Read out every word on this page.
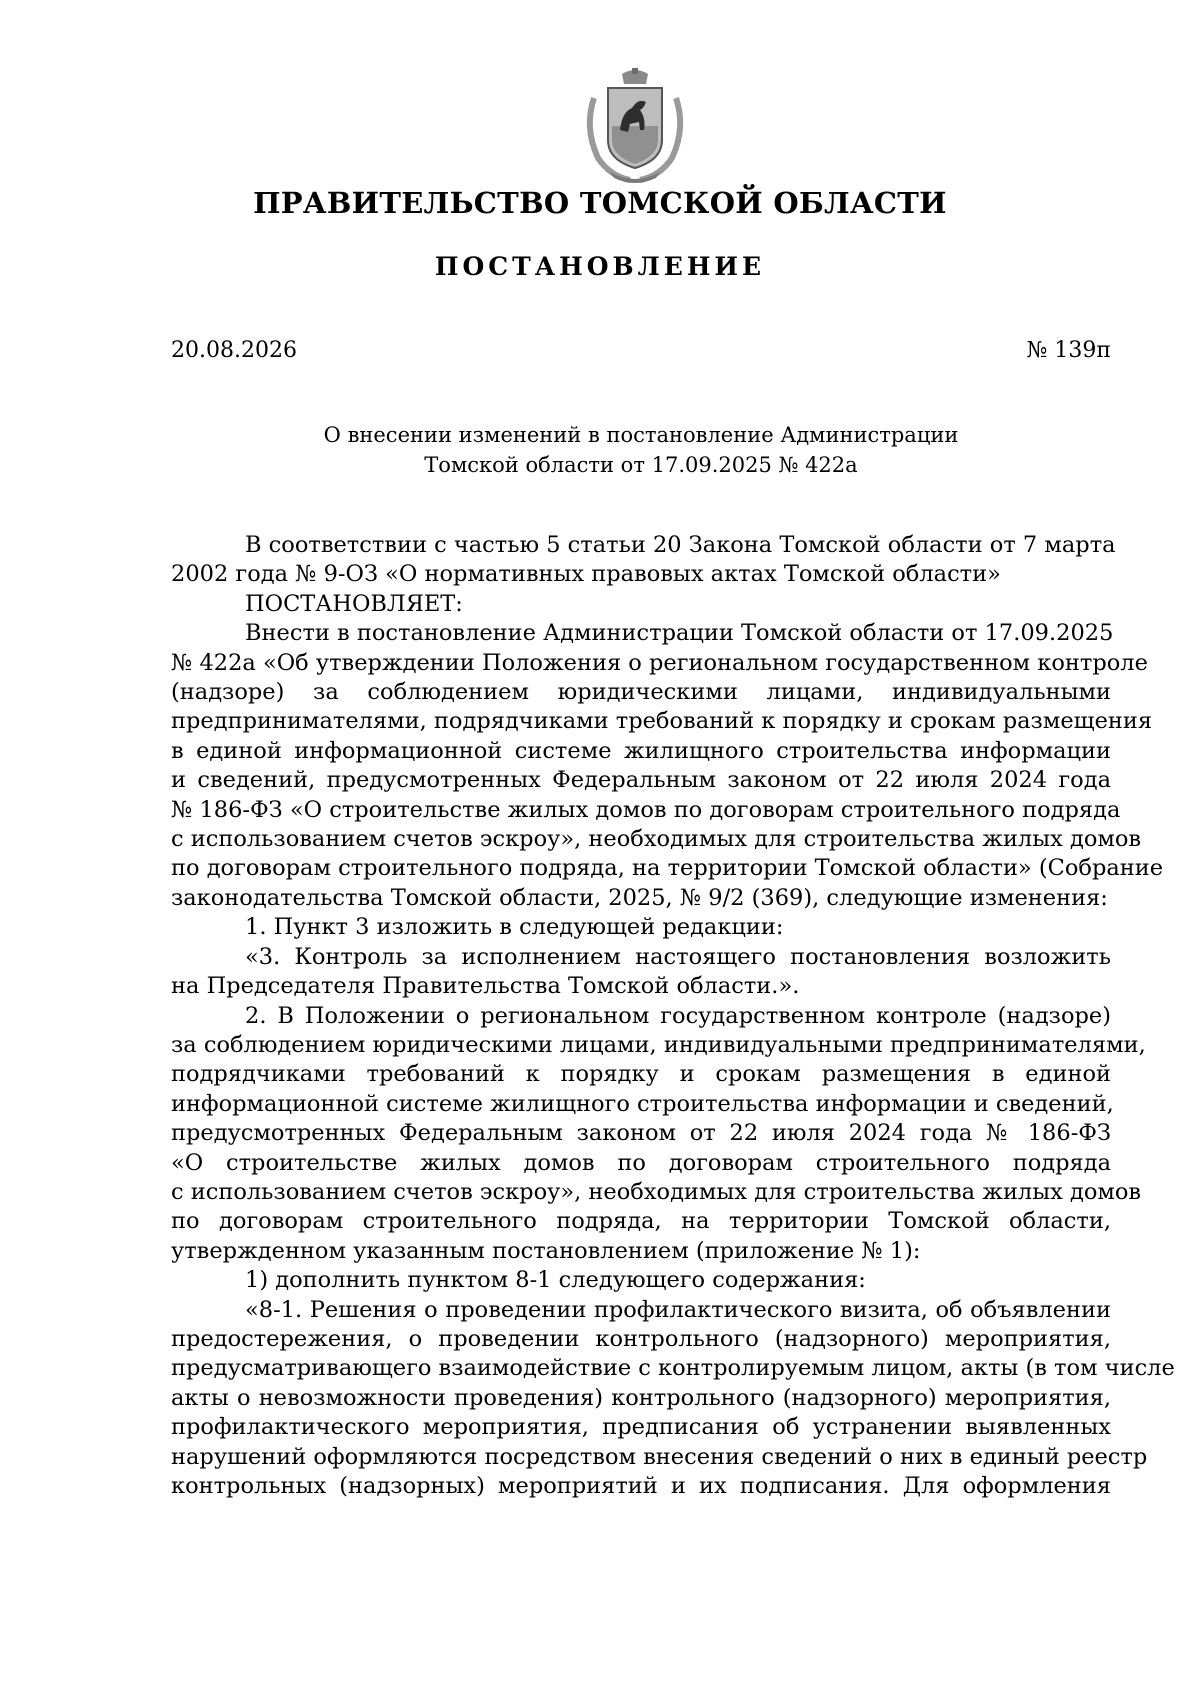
ПРАВИТЕЛЬСТВО ТОМСКОЙ ОБЛАСТИ
ПОСТАНОВЛЕНИЕ
20.08.2026	№ 139п
О внесении изменений в постановление Администрации
Томской области от 17.09.2025 № 422а
В соответствии с частью 5 статьи 20 Закона Томской области от 7 марта
2002 года № 9-ОЗ «О нормативных правовых актах Томской области»
ПОСТАНОВЛЯЕТ:
Внести в постановление Администрации Томской области от 17.09.2025
№ 422а «Об утверждении Положения о региональном государственном контроле
(надзоре) за соблюдением юридическими лицами, индивидуальными
предпринимателями, подрядчиками требований к порядку и срокам размещения
в единой информационной системе жилищного строительства информации
и сведений, предусмотренных Федеральным законом от 22 июля 2024 года
№ 186-ФЗ «О строительстве жилых домов по договорам строительного подряда
с использованием счетов эскроу», необходимых для строительства жилых домов
по договорам строительного подряда, на территории Томской области» (Собрание
законодательства Томской области, 2025, № 9/2 (369), следующие изменения:
1. Пункт 3 изложить в следующей редакции:
«3. Контроль за исполнением настоящего постановления возложить
на Председателя Правительства Томской области.».
2. В Положении о региональном государственном контроле (надзоре)
за соблюдением юридическими лицами, индивидуальными предпринимателями,
подрядчиками требований к порядку и срокам размещения в единой
информационной системе жилищного строительства информации и сведений,
предусмотренных Федеральным законом от 22 июля 2024 года № 186-ФЗ
«О строительстве жилых домов по договорам строительного подряда
с использованием счетов эскроу», необходимых для строительства жилых домов
по договорам строительного подряда, на территории Томской области,
утвержденном указанным постановлением (приложение № 1):
1) дополнить пунктом 8-1 следующего содержания:
«8-1. Решения о проведении профилактического визита, об объявлении
предостережения, о проведении контрольного (надзорного) мероприятия,
предусматривающего взаимодействие с контролируемым лицом, акты (в том числе
акты о невозможности проведения) контрольного (надзорного) мероприятия,
профилактического мероприятия, предписания об устранении выявленных
нарушений оформляются посредством внесения сведений о них в единый реестр
контрольных (надзорных) мероприятий и их подписания. Для оформления
